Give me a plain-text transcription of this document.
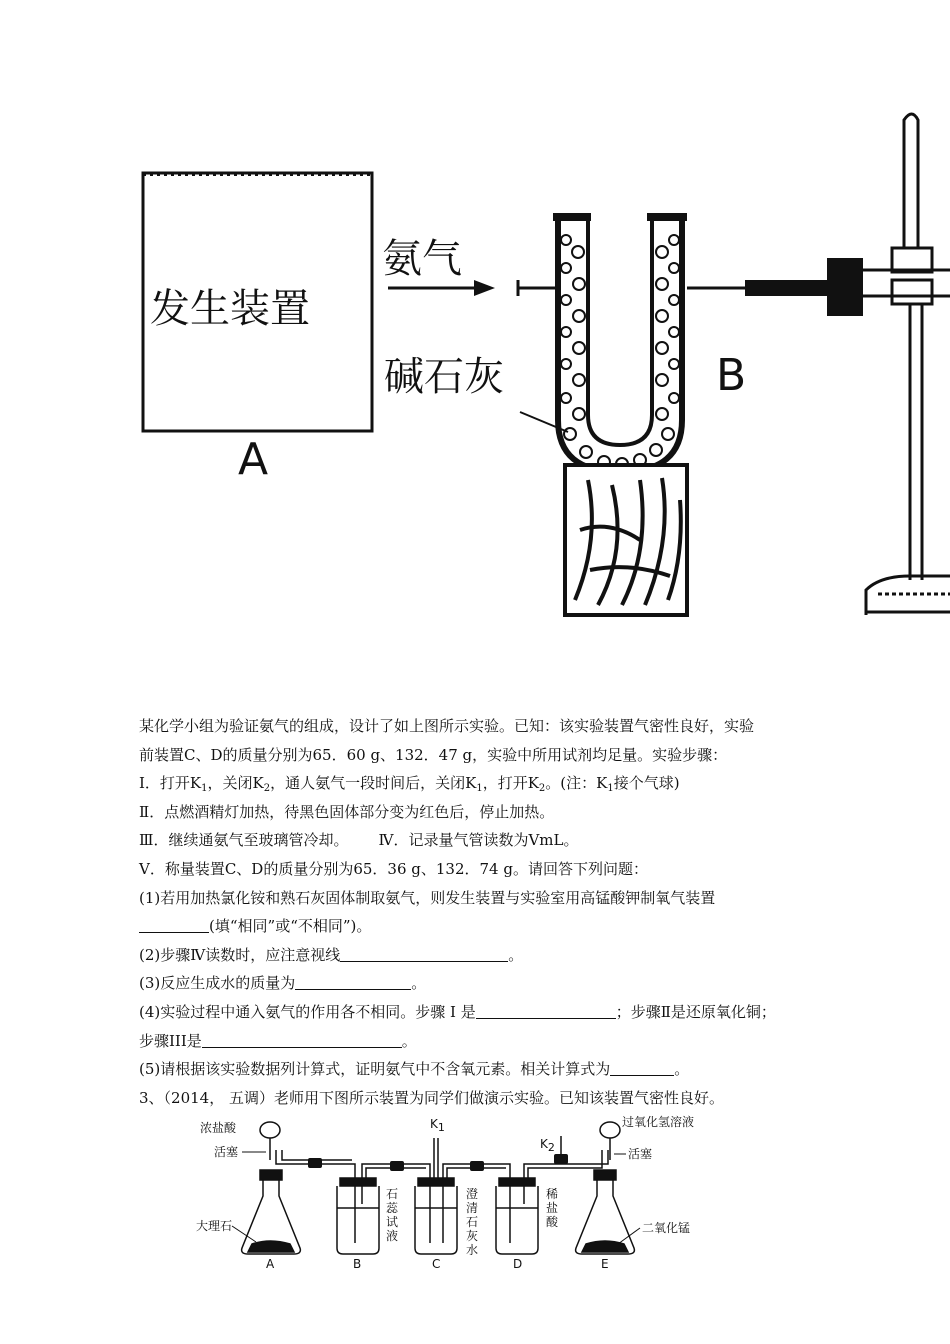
发生装置
A
氨气
碱石灰	B

某化学小组为验证氨气的组成，设计了如上图所示实验。已知：该实验装置气密性良好，实验

前装置C、D的质量分别为65．60 g、132．47 g，实验中所用试剂均足量。实验步骤：

I．打开$K_1$，关闭$K_2$，通人氨气一段时间后，关闭$K_1$，打开$K_2$。(注：$K_1$接个气球)

Ⅱ．点燃酒精灯加热，待黑色固体部分变为红色后，停止加热。

Ⅲ．继续通氨气至玻璃管冷却。 Ⅳ．记录量气管读数为VmL。

Ⅴ．称量装置C、D的质量分别为65．36 g、132．74 g。请回答下列问题：

(1)若用加热氯化铵和熟石灰固体制取氨气，则发生装置与实验室用高锰酸钾制氧气装置

(填“相同”或“不相同”)。

(2)步骤Ⅳ读数时，应注意视线	。

(3)反应生成水的质量为	。

(4)实验过程中通入氨气的作用各不相同。步骤 I 是	；步骤Ⅱ是还原氧化铜；

步骤III是	。

(5)请根据该实验数据列计算式，证明氨气中不含氧元素。相关计算式为	。

3、（2014， 五调）老师用下图所示装置为同学们做演示实验。已知该装置气密性良好。

浓盐酸
活塞
大理石
K1
K2
过氧化氢溶液
活塞
二氧化锰
石
蕊
试
液
澄
清
石
灰
水
稀
盐
酸
A	B	C	D	E
